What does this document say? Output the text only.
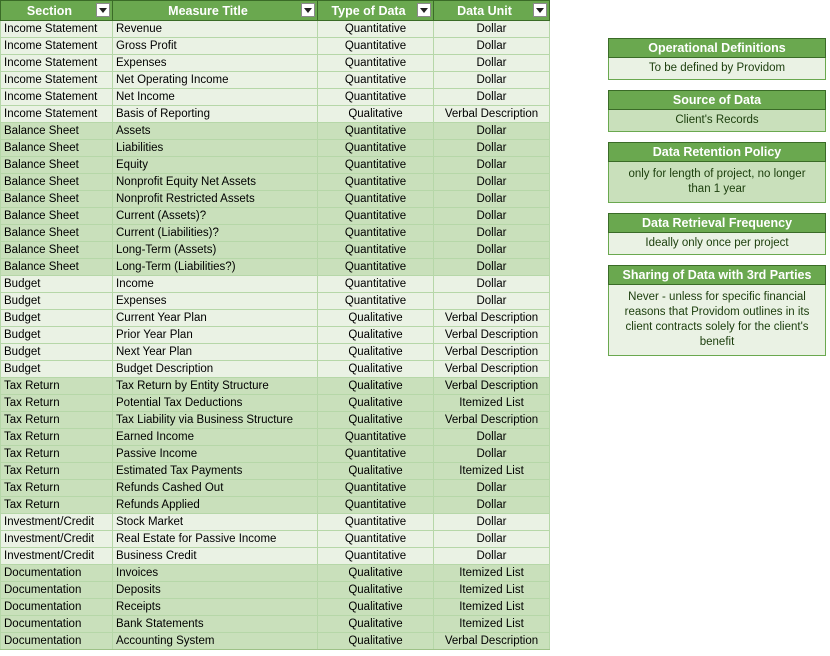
Section	Measure Title	Type of Data	Data Unit

Income Statement	Revenue	Quantitative	Dollar
Income Statement	Gross Profit	Quantitative	Dollar
Income Statement	Expenses	Quantitative	Dollar
Income Statement	Net Operating Income	Quantitative	Dollar
Income Statement	Net Income	Quantitative	Dollar
Income Statement	Basis of Reporting	Qualitative	Verbal Description
Balance Sheet	Assets	Quantitative	Dollar
Balance Sheet	Liabilities	Quantitative	Dollar
Balance Sheet	Equity	Quantitative	Dollar
Balance Sheet	Nonprofit Equity Net Assets	Quantitative	Dollar
Balance Sheet	Nonprofit Restricted Assets	Quantitative	Dollar
Balance Sheet	Current (Assets)?	Quantitative	Dollar
Balance Sheet	Current (Liabilities)?	Quantitative	Dollar
Balance Sheet	Long-Term (Assets)	Quantitative	Dollar
Balance Sheet	Long-Term (Liabilities?)	Quantitative	Dollar
Budget	Income	Quantitative	Dollar
Budget	Expenses	Quantitative	Dollar
Budget	Current Year Plan	Qualitative	Verbal Description
Budget	Prior Year Plan	Qualitative	Verbal Description
Budget	Next Year Plan	Qualitative	Verbal Description
Budget	Budget Description	Qualitative	Verbal Description
Tax Return	Tax Return by Entity Structure	Qualitative	Verbal Description
Tax Return	Potential Tax Deductions	Qualitative	Itemized List
Tax Return	Tax Liability via Business Structure	Qualitative	Verbal Description
Tax Return	Earned Income	Quantitative	Dollar
Tax Return	Passive Income	Quantitative	Dollar
Tax Return	Estimated Tax Payments	Qualitative	Itemized List
Tax Return	Refunds Cashed Out	Quantitative	Dollar
Tax Return	Refunds Applied	Quantitative	Dollar
Investment/Credit	Stock Market	Quantitative	Dollar
Investment/Credit	Real Estate for Passive Income	Quantitative	Dollar
Investment/Credit	Business Credit	Quantitative	Dollar
Documentation	Invoices	Qualitative	Itemized List
Documentation	Deposits	Qualitative	Itemized List
Documentation	Receipts	Qualitative	Itemized List
Documentation	Bank Statements	Qualitative	Itemized List
Documentation	Accounting System	Qualitative	Verbal Description
Operational Definitions
To be defined by Providom
Source of Data
Client's Records
Data Retention Policy
only for length of project, no longer than 1 year
Data Retrieval Frequency
Ideally only once per project
Sharing of Data with 3rd Parties
Never - unless for specific financial reasons that Providom outlines in its client contracts solely for the client's benefit
